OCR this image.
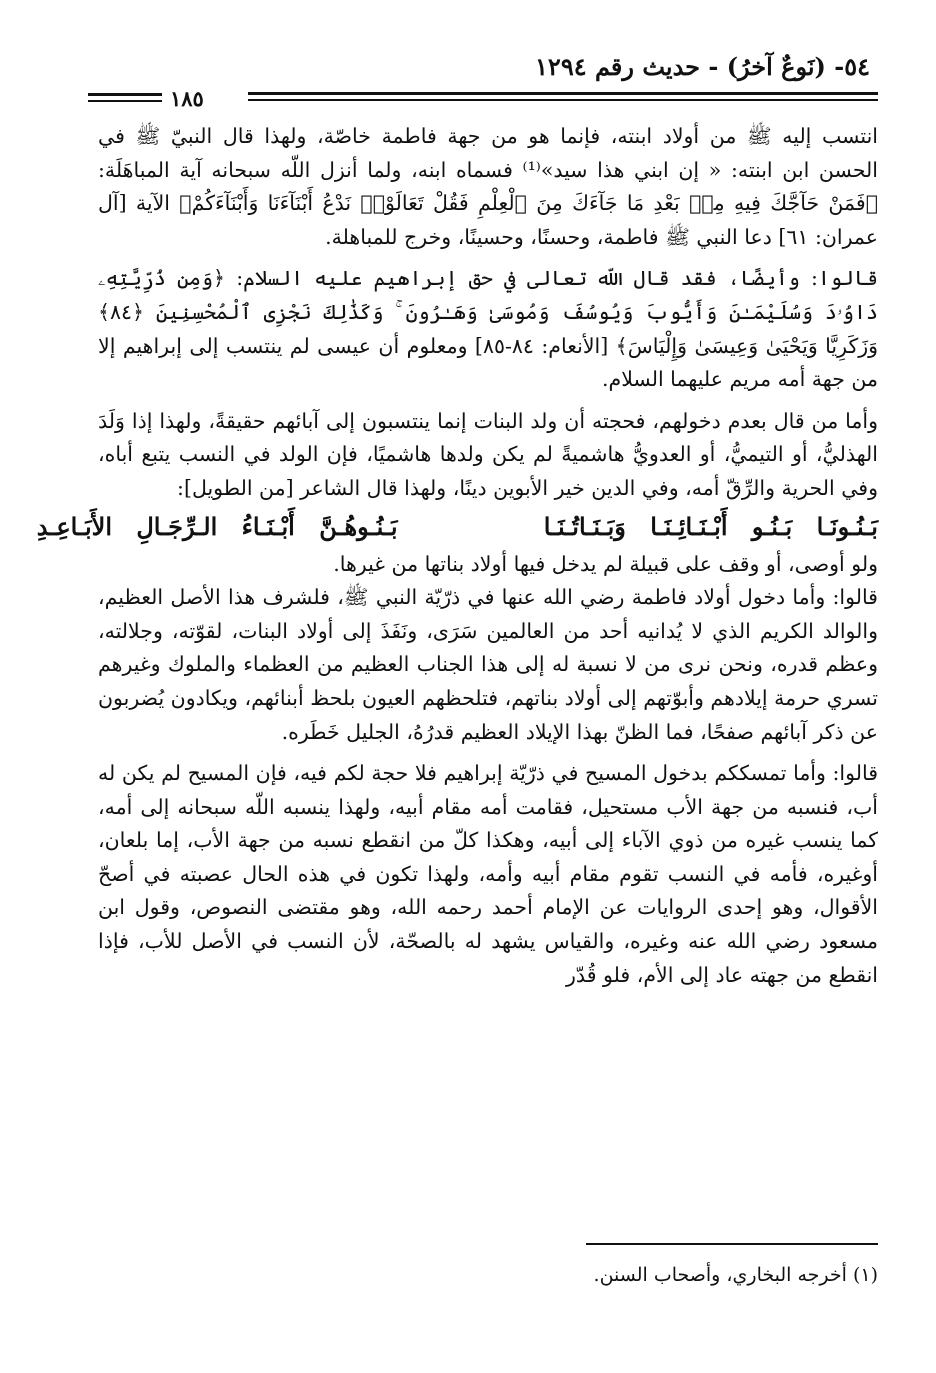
٥٤- (نَوعٌ آخرُ) - حديث رقم ١٢٩٤
١٨٥

انتسب إليه ﷺ من أولاد ابنته، فإنما هو من جهة فاطمة خاصّة، ولهذا قال النبيّ ﷺ في الحسن ابن ابنته: « إن ابني هذا سيد»⁽¹⁾ فسماه ابنه، ولما أنزل اللّه سبحانه آية المباهَلَة: ﴿فَمَنْ حَآجَّكَ فِيهِ مِنۢ بَعْدِ مَا جَآءَكَ مِنَ ٱلْعِلْمِ فَقُلْ تَعَالَوْا۟ نَدْعُ أَبْنَآءَنَا وَأَبْنَآءَكُمْ﴾ الآية [آل عمران: ٦١] دعا النبي ﷺ فاطمة، وحسنًا، وحسينًا، وخرج للمباهلة.

قالوا: وأيضًا، فقد قال اللّه تعالى في حق إبراهيم عليه السلام: ﴿وَمِن ذُرِّيَّتِهِۦ دَاوُۥدَ وَسُلَيْمَـٰنَ وَأَيُّوبَ وَيُوسُفَ وَمُوسَىٰ وَهَـٰرُونَ ۚ وَكَذَٰلِكَ نَجْزِى ٱلْمُحْسِنِينَ ﴿٨٤﴾ وَزَكَرِيَّا وَيَحْيَىٰ وَعِيسَىٰ وَإِلْيَاسَ﴾ [الأنعام: ٨٤-٨٥] ومعلوم أن عيسى لم ينتسب إلى إبراهيم إلا من جهة أمه مريم عليهما السلام.

وأما من قال بعدم دخولهم، فحجته أن ولد البنات إنما ينتسبون إلى آبائهم حقيقةً، ولهذا إذا وَلَدَ الهذليُّ، أو التيميُّ، أو العدويُّ هاشميةً لم يكن ولدها هاشميًا، فإن الولد في النسب يتبع أباه، وفي الحرية والرِّقّ أمه، وفي الدين خير الأبوين دينًا، ولهذا قال الشاعر [من الطويل]:

بَـنُـونَـا بَـنُـو أَبْـنَـائِـنَـا وَبَـنَـاتُـنَـا      بَـنُـوهُـنَّ أَبْـنَـاءُ الـرِّجَـالِ الأَبَـاعِـدِ

ولو أوصى، أو وقف على قبيلة لم يدخل فيها أولاد بناتها من غيرها.

قالوا: وأما دخول أولاد فاطمة رضي الله عنها في ذرّيّة النبي ﷺ، فلشرف هذا الأصل العظيم، والوالد الكريم الذي لا يُدانيه أحد من العالمين سَرَى، ونَفَذَ إلى أولاد البنات، لقوّته، وجلالته، وعظم قدره، ونحن نرى من لا نسبة له إلى هذا الجناب العظيم من العظماء والملوك وغيرهم تسري حرمة إيلادهم وأبوّتهم إلى أولاد بناتهم، فتلحظهم العيون بلحظ أبنائهم، ويكادون يُضربون عن ذكر آبائهم صفحًا، فما الظنّ بهذا الإيلاد العظيم قدرُهُ، الجليل خَطَره.

قالوا: وأما تمسككم بدخول المسيح في ذرّيّة إبراهيم فلا حجة لكم فيه، فإن المسيح لم يكن له أب، فنسبه من جهة الأب مستحيل، فقامت أمه مقام أبيه، ولهذا ينسبه اللّه سبحانه إلى أمه، كما ينسب غيره من ذوي الآباء إلى أبيه، وهكذا كلّ من انقطع نسبه من جهة الأب، إما بلعان، أوغيره، فأمه في النسب تقوم مقام أبيه وأمه، ولهذا تكون في هذه الحال عصبته في أصحّ الأقوال، وهو إحدى الروايات عن الإمام أحمد رحمه الله، وهو مقتضى النصوص، وقول ابن مسعود رضي الله عنه وغيره، والقياس يشهد له بالصحّة، لأن النسب في الأصل للأب، فإذا انقطع من جهته عاد إلى الأم، فلو قُدّر

(١) أخرجه البخاري، وأصحاب السنن.
